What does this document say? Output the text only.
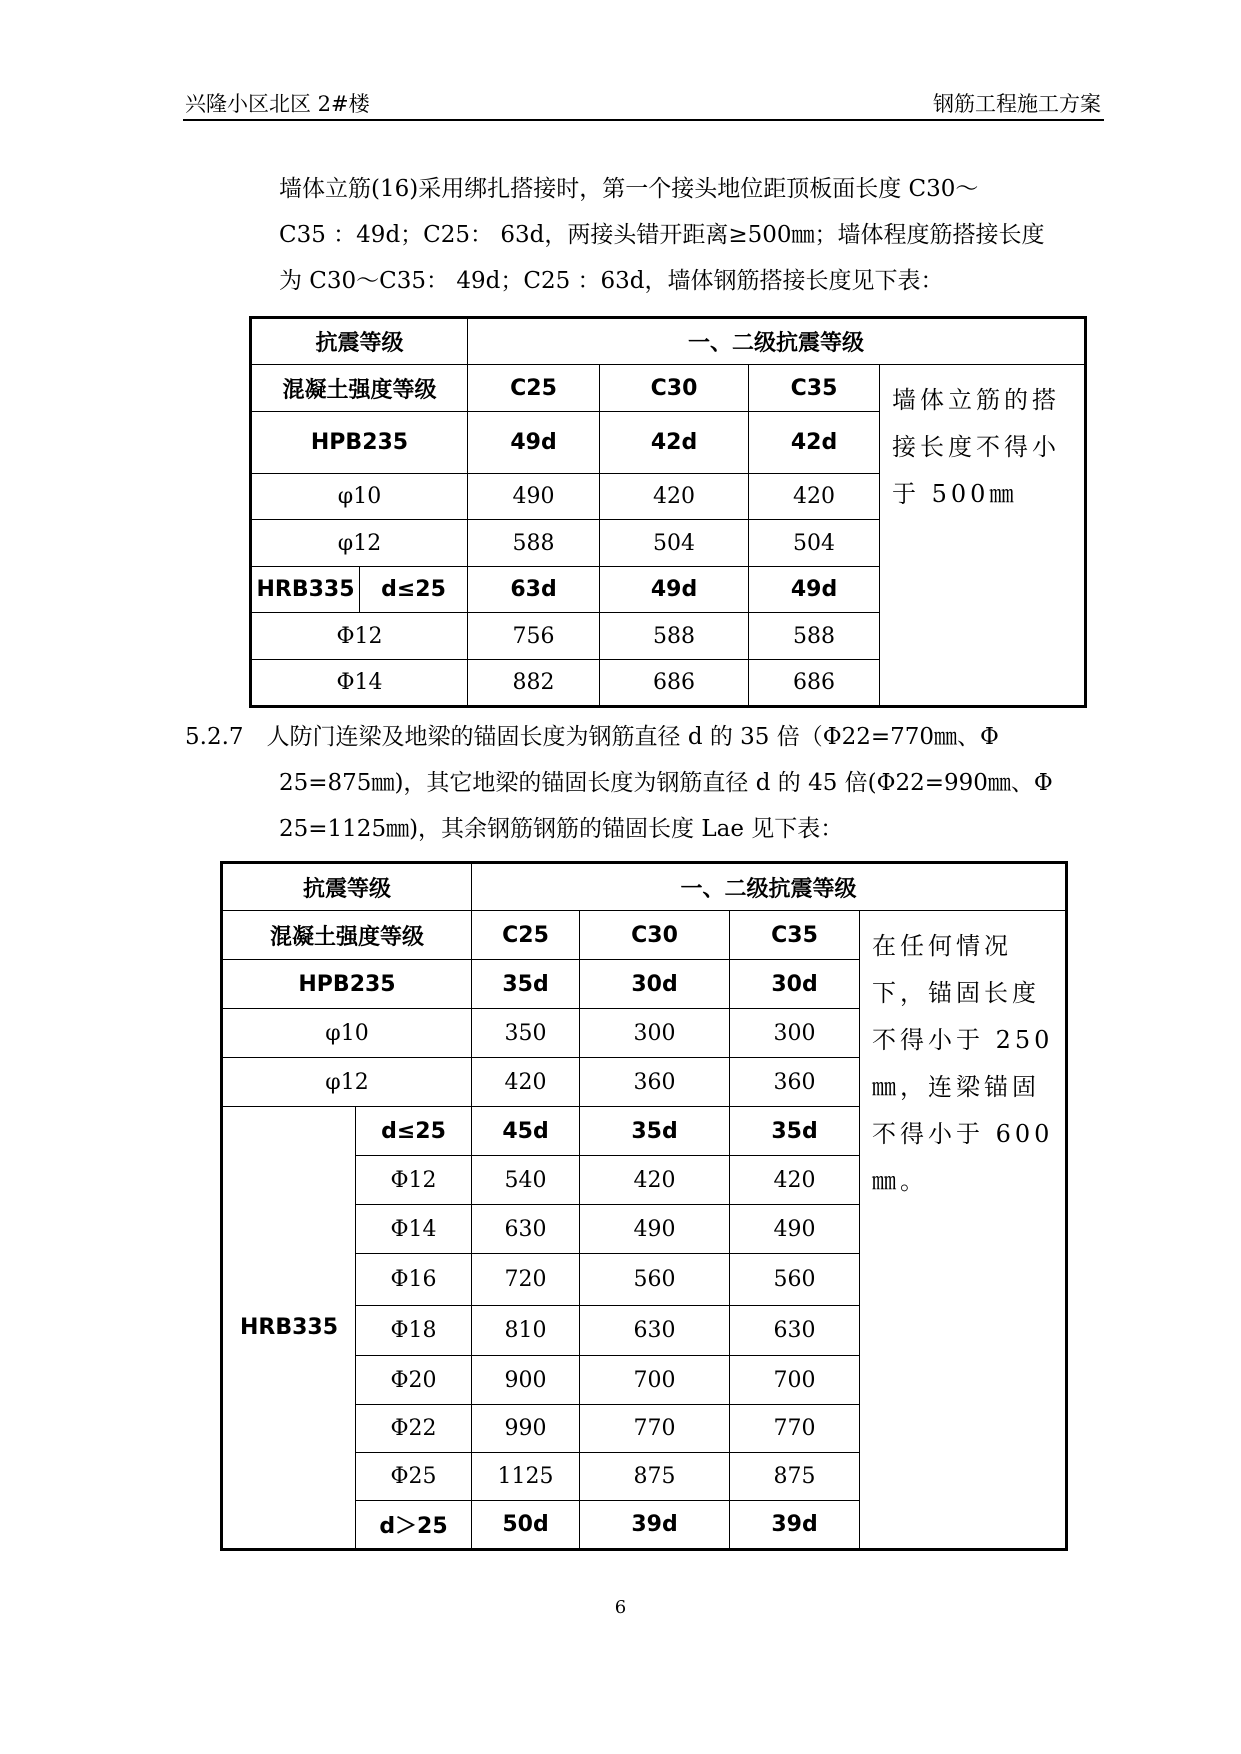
兴隆小区北区 2#楼	钢筋工程施工方案
墙体立筋(16)采用绑扎搭接时，第一个接头地位距顶板面长度 C30～
C35 ：49d；C25： 63d，两接头错开距离≥500㎜；墙体程度筋搭接长度
为 C30～C35： 49d；C25 ：63d，墙体钢筋搭接长度见下表：
抗震等级		一、二级抗震等级			
混凝土强度等级		C25	C30	C35	墙体立筋的搭接长度不得小于 500㎜
HPB235		49d	42d	42d	
φ10		490	420	420	
φ12		588	504	504	
HRB335	d≤25	63d	49d	49d	
Φ12		756	588	588	
Φ14		882	686	686	
5.2.7　人防门连梁及地梁的锚固长度为钢筋直径 d 的 35 倍（Φ22=770㎜、Φ
25=875㎜)，其它地梁的锚固长度为钢筋直径 d 的 45 倍(Φ22=990㎜、Φ
25=1125㎜)，其余钢筋钢筋的锚固长度 Lae 见下表：
抗震等级		一、二级抗震等级			
混凝土强度等级		C25	C30	C35	在任何情况下，锚固长度不得小于 250㎜，连梁锚固不得小于 600㎜。
HPB235		35d	30d	30d	
φ10		350	300	300	
φ12		420	360	360	
HRB335	d≤25	45d	35d	35d	
	Φ12	540	420	420	
	Φ14	630	490	490	
	Φ16	720	560	560	
	Φ18	810	630	630	
	Φ20	900	700	700	
	Φ22	990	770	770	
	Φ25	1125	875	875	
	d＞25	50d	39d	39d	
6
